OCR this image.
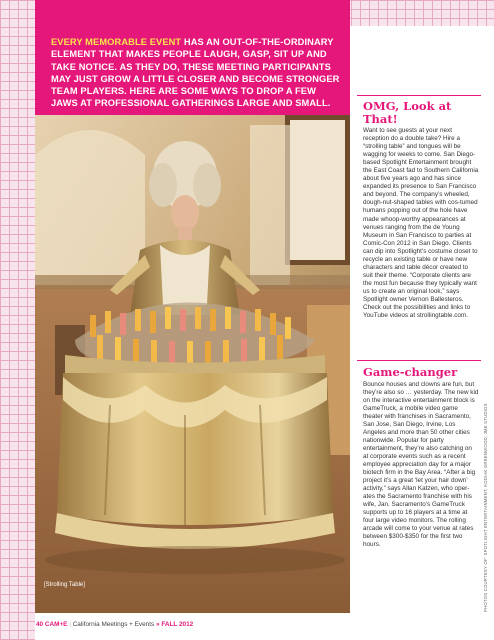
EVERY MEMORABLE EVENT HAS AN OUT-OF-THE-ORDINARY ELEMENT THAT MAKES PEOPLE LAUGH, GASP, SIT UP AND TAKE NOTICE. AS THEY DO, THESE MEETING PARTICIPANTS MAY JUST GROW A LITTLE CLOSER AND BECOME STRONGER TEAM PLAYERS. HERE ARE SOME WAYS TO DROP A FEW JAWS AT PROFESSIONAL GATHERINGS LARGE AND SMALL.

[Strolling Table]
OMG, Look at That!

Want to see guests at your next reception do a double take? Hire a “strolling table” and tongues will be wagging for weeks to come. San Diego-based Spotlight Entertainment brought the East Coast fad to Southern California about five years ago and has since expanded its presence to San Francisco and beyond. The company’s wheeled, dough-nut-shaped tables with cos-tumed humans popping out of the hole have made whoop-worthy appearances at venues ranging from the de Young Museum in San Francisco to parties at Comic-Con 2012 in San Diego. Clients can dip into Spotlight’s costume closet to recycle an existing table or have new characters and table décor created to suit their theme. “Corporate clients are the most fun because they typically want us to create an original look,” says Spotlight owner Vernon Ballesteros. Check out the possibilities and links to YouTube videos at strollingtable.com.

Game-changer

Bounce houses and clowns are fun, but they’re also so … yesterday. The new kid on the interactive entertainment block is GameTruck, a mobile video game theater with franchises in Sacramento, San Jose, San Diego, Irvine, Los Angeles and more than 50 other cities nationwide. Popular for party entertainment, they’re also catching on at corporate events such as a recent employee appreciation day for a major biotech firm in the Bay Area. “After a big project it’s a great ‘let your hair down’ activity,” says Allan Katzen, who oper-ates the Sacramento franchise with his wife, Jan. Sacramento’s GameTruck supports up to 16 players at a time at four large video monitors. The rolling arcade will come to your venue at rates between $300-$350 for the first two hours.	PHOTOS COURTESY OF: SPOTLIGHT ENTERTAINMENT; KODIAK GREENWOOD; JME STUDIOS
40 CAM+E | California Meetings + Events » FALL 2012
